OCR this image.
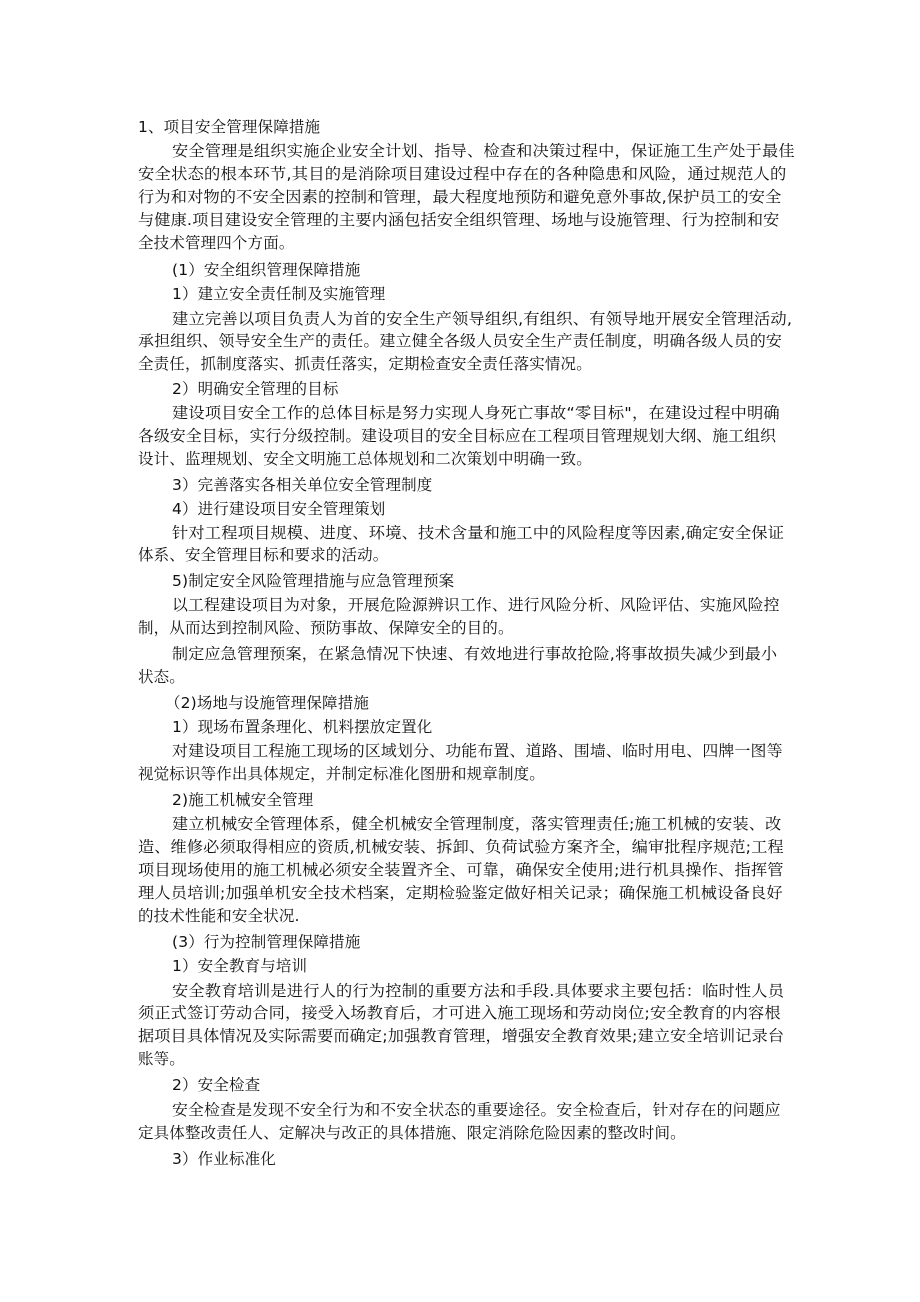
1、项目安全管理保障措施
安全管理是组织实施企业安全计划、指导、检查和决策过程中，保证施工生产处于最佳
安全状态的根本环节,其目的是消除项目建设过程中存在的各种隐患和风险，通过规范人的
行为和对物的不安全因素的控制和管理，最大程度地预防和避免意外事故,保护员工的安全
与健康.项目建设安全管理的主要内涵包括安全组织管理、场地与设施管理、行为控制和安
全技术管理四个方面。
(1）安全组织管理保障措施
1）建立安全责任制及实施管理
建立完善以项目负责人为首的安全生产领导组织,有组织、有领导地开展安全管理活动,
承担组织、领导安全生产的责任。建立健全各级人员安全生产责任制度，明确各级人员的安
全责任，抓制度落实、抓责任落实，定期检查安全责任落实情况。
2）明确安全管理的目标
建设项目安全工作的总体目标是努力实现人身死亡事故“零目标"，在建设过程中明确
各级安全目标，实行分级控制。建设项目的安全目标应在工程项目管理规划大纲、施工组织
设计、监理规划、安全文明施工总体规划和二次策划中明确一致。
3）完善落实各相关单位安全管理制度
4）进行建设项目安全管理策划
针对工程项目规模、进度、环境、技术含量和施工中的风险程度等因素,确定安全保证
体系、安全管理目标和要求的活动。
5)制定安全风险管理措施与应急管理预案
以工程建设项目为对象，开展危险源辨识工作、进行风险分析、风险评估、实施风险控
制，从而达到控制风险、预防事故、保障安全的目的。
制定应急管理预案，在紧急情况下快速、有效地进行事故抢险,将事故损失减少到最小
状态。
（2)场地与设施管理保障措施
1）现场布置条理化、机料摆放定置化
对建设项目工程施工现场的区域划分、功能布置、道路、围墙、临时用电、四牌一图等
视觉标识等作出具体规定，并制定标准化图册和规章制度。
2)施工机械安全管理
建立机械安全管理体系，健全机械安全管理制度，落实管理责任;施工机械的安装、改
造、维修必须取得相应的资质,机械安装、拆卸、负荷试验方案齐全，编审批程序规范;工程
项目现场使用的施工机械必须安全装置齐全、可靠，确保安全使用;进行机具操作、指挥管
理人员培训;加强单机安全技术档案，定期检验鉴定做好相关记录；确保施工机械设备良好
的技术性能和安全状况.
(3）行为控制管理保障措施
1）安全教育与培训
安全教育培训是进行人的行为控制的重要方法和手段.具体要求主要包括：临时性人员
须正式签订劳动合同，接受入场教育后，才可进入施工现场和劳动岗位;安全教育的内容根
据项目具体情况及实际需要而确定;加强教育管理，增强安全教育效果;建立安全培训记录台
账等。
2）安全检查
安全检查是发现不安全行为和不安全状态的重要途径。安全检查后，针对存在的问题应
定具体整改责任人、定解决与改正的具体措施、限定消除危险因素的整改时间。
3）作业标准化
